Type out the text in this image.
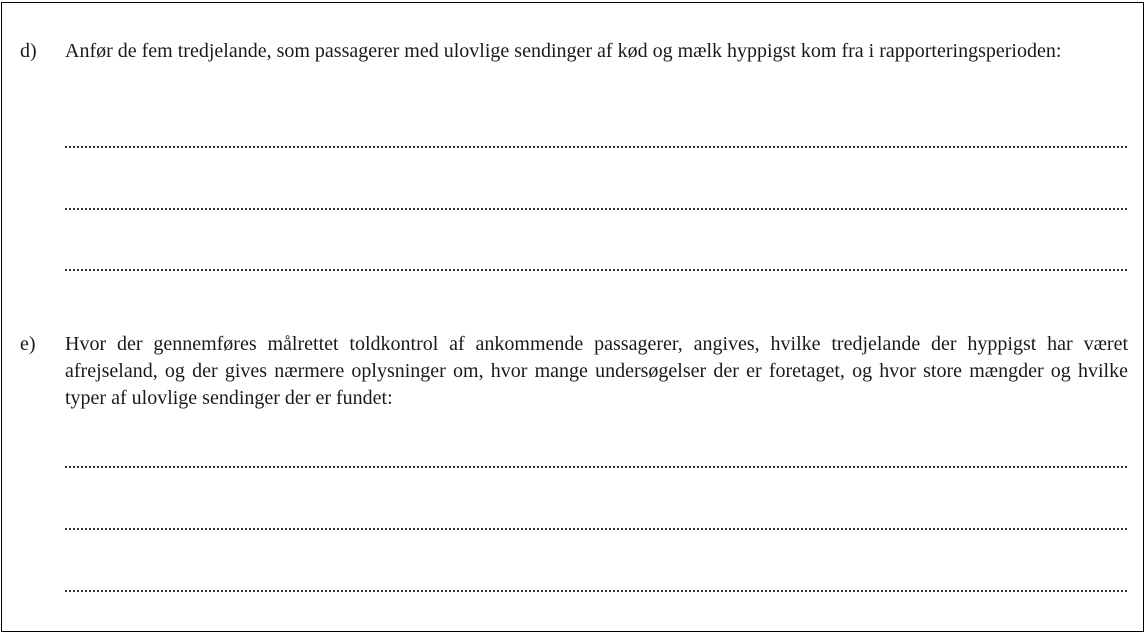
d) Anfør de fem tredjelande, som passagerer med ulovlige sendinger af kød og mælk hyppigst kom fra i rapporteringsperioden:
e) Hvor der gennemføres målrettet toldkontrol af ankommende passagerer, angives, hvilke tredjelande der hyppigst har været afrejseland, og der gives nærmere oplysninger om, hvor mange undersøgelser der er foretaget, og hvor store mængder og hvilke typer af ulovlige sendinger der er fundet:
